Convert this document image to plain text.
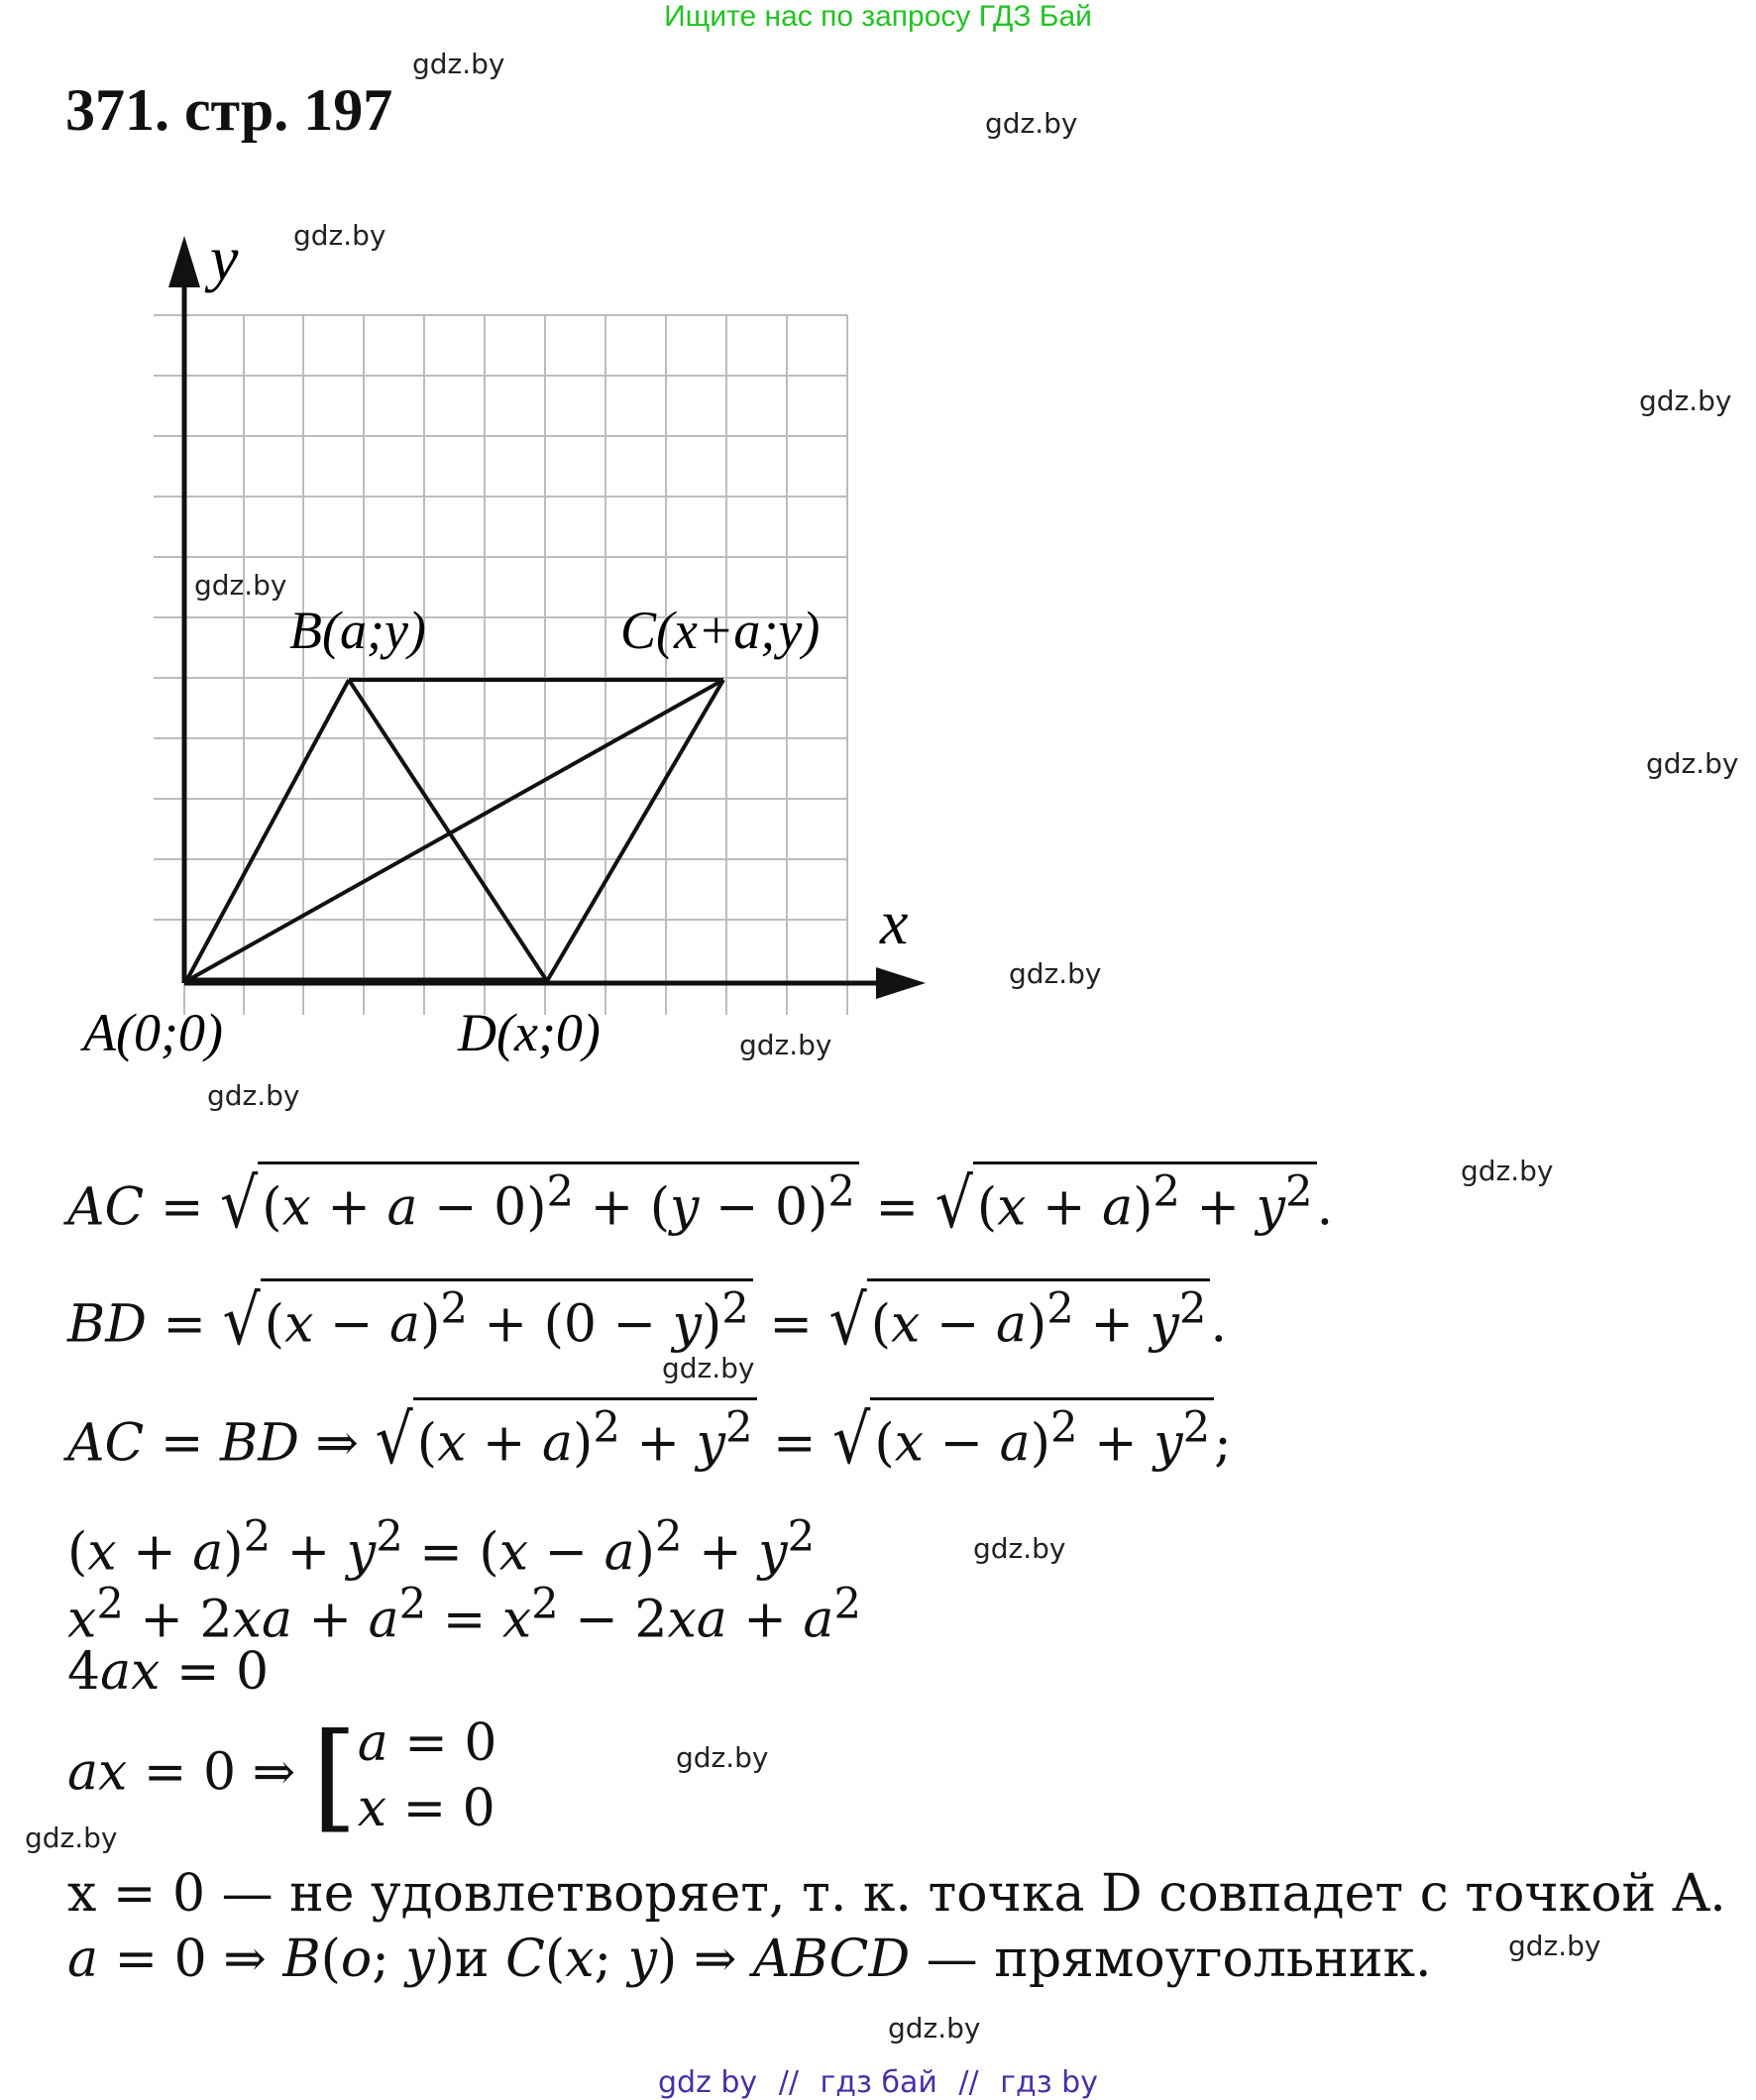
Ищите нас по запросу ГДЗ Бай
371. стр. 197
gdz.by
gdz.by
gdz.by
gdz.by
gdz.by
gdz.by
gdz.by
gdz.by
gdz.by
gdz.by
gdz.by
gdz.by
gdz.by
gdz.by
gdz.by
gdz.by
y
x
B(a;y)	C(x+a;y)
A(0;0)	D(x;0)
AC = $√(x + a - 0)^2 + (y - 0)^2 = √(x + a)^2 + y^2$.
BD = $√(x - a)^2 + (0 - y)^2 = √(x - a)^2 + y^2$.
AC = BD ⇒ $√(x + a)^2 + y^2 = √(x - a)^2 + y^2$;
$(x + a)^2 + y^2 = (x - a)^2 + y^2$
$x^2 + 2xa + a^2 = x^2 - 2xa + a^2$
4ax = 0
ax = 0 ⇒ [a = 0
x = 0
x = 0 — не удовлетворяет, т. к. точка D совпадет с точкой A.
a = 0 ⇒ B(o; y)и C(x; y) ⇒ ABCD — прямоугольник.
gdz by // гдз бай // гдз by
